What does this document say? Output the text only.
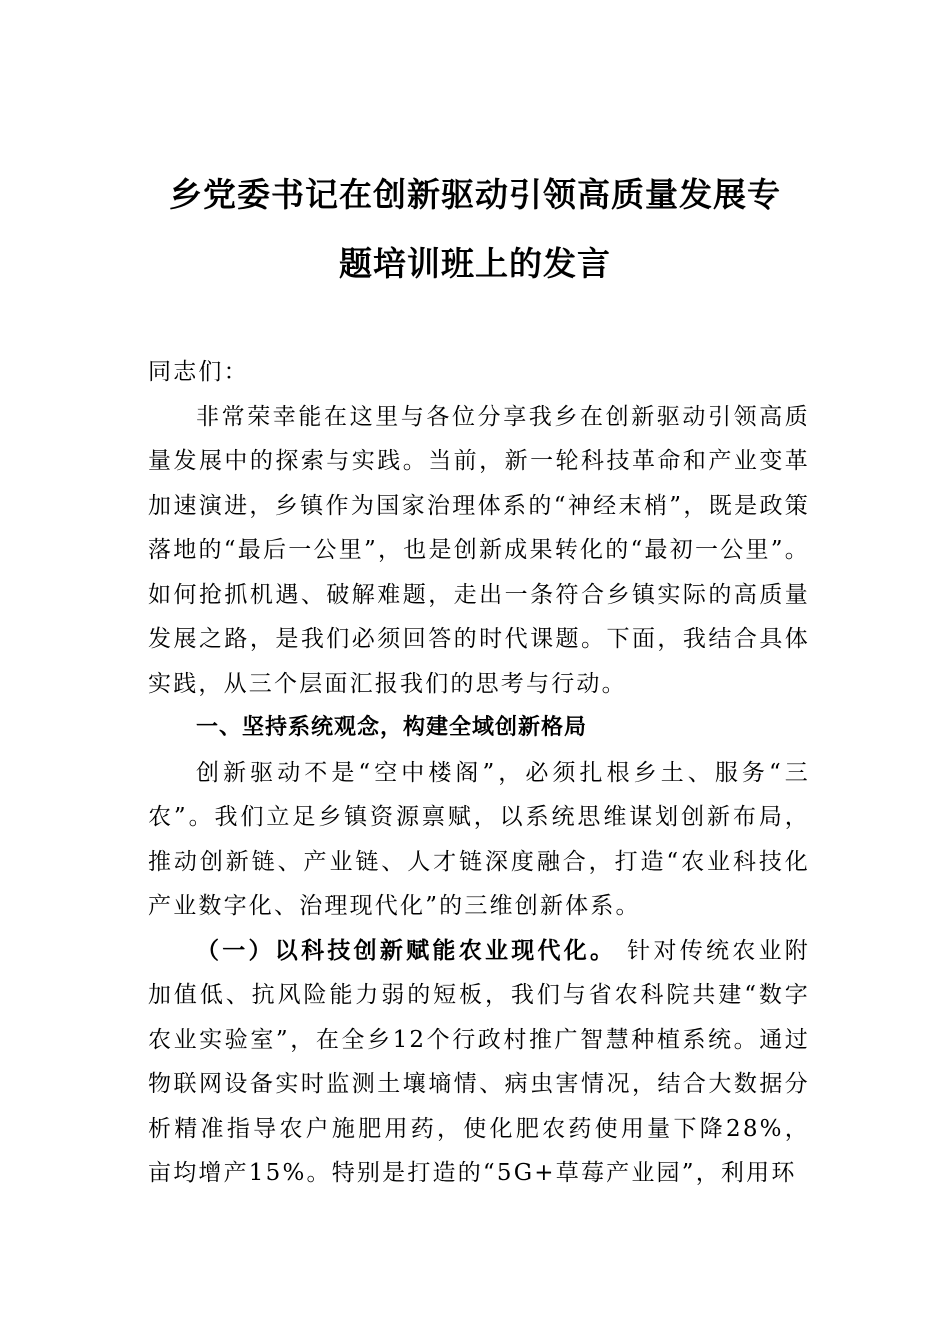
乡党委书记在创新驱动引领高质量发展专
题培训班上的发言

同志们：

非常荣幸能在这里与各位分享我乡在创新驱动引领高质量发展中的探索与实践。当前，新一轮科技革命和产业变革加速演进，乡镇作为国家治理体系的“神经末梢”，既是政策落地的“最后一公里”，也是创新成果转化的“最初一公里”。如何抢抓机遇、破解难题，走出一条符合乡镇实际的高质量发展之路，是我们必须回答的时代课题。下面，我结合具体实践，从三个层面汇报我们的思考与行动。

一、坚持系统观念，构建全域创新格局

创新驱动不是“空中楼阁”，必须扎根乡土、服务“三农”。我们立足乡镇资源禀赋，以系统思维谋划创新布局，推动创新链、产业链、人才链深度融合，打造“农业科技化产业数字化、治理现代化”的三维创新体系。

（一）以科技创新赋能农业现代化。  针对传统农业附加值低、抗风险能力弱的短板，我们与省农科院共建“数字农业实验室”，在全乡12个行政村推广智慧种植系统。通过物联网设备实时监测土壤墒情、病虫害情况，结合大数据分析精准指导农户施肥用药，使化肥农药使用量下降28%，亩均增产15%。特别是打造的“5G+草莓产业园”，利用环
